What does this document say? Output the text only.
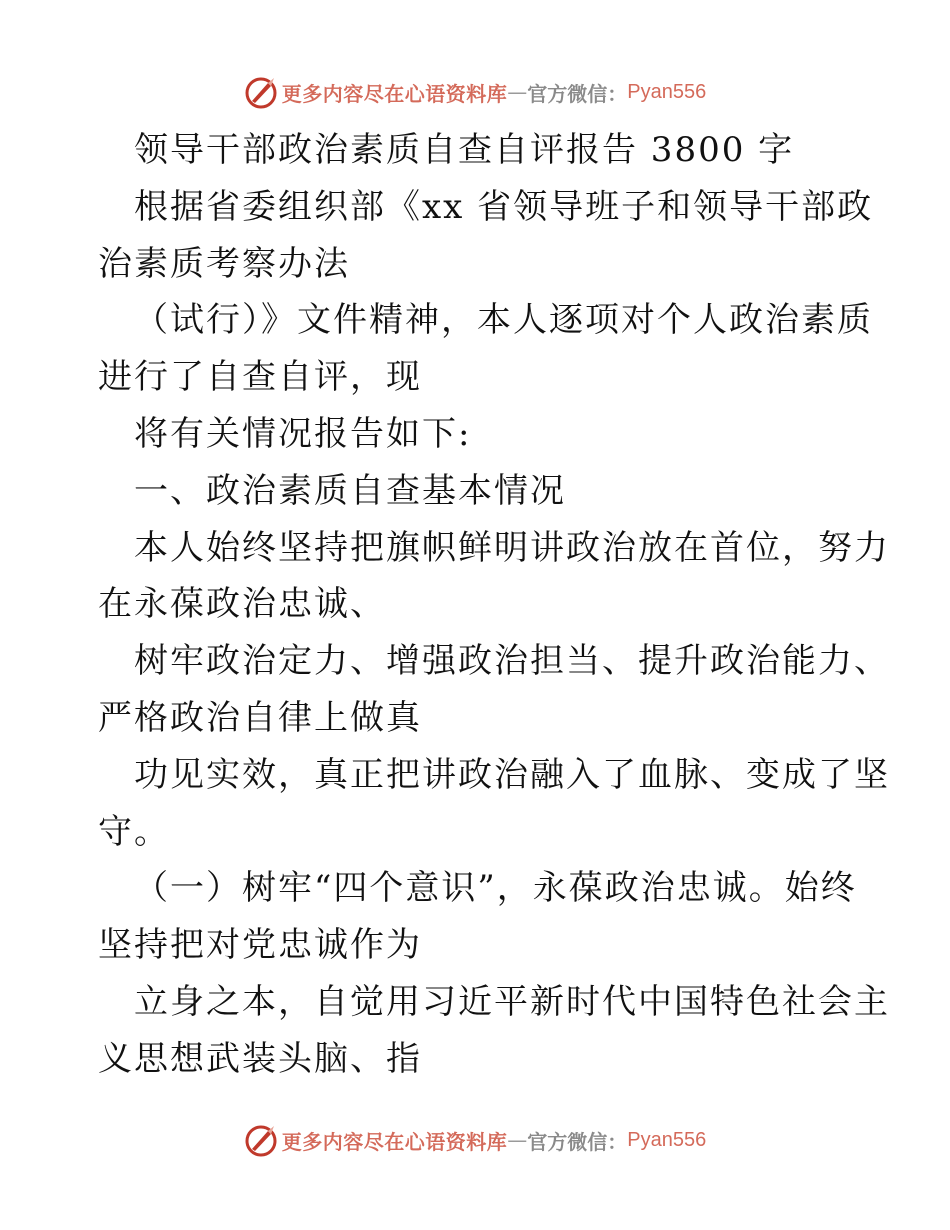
更多内容尽在心语资料库 — 官方微信： Pyan556
领导干部政治素质自查自评报告 3800 字
根据省委组织部《xx 省领导班子和领导干部政
治素质考察办法
（试行）》文件精神，本人逐项对个人政治素质
进行了自查自评，现
将有关情况报告如下:
一、政治素质自查基本情况
本人始终坚持把旗帜鲜明讲政治放在首位，努力
在永葆政治忠诚、
树牢政治定力、增强政治担当、提升政治能力、
严格政治自律上做真
功见实效，真正把讲政治融入了血脉、变成了坚
守。
（一）树牢“四个意识”，永葆政治忠诚。始终
坚持把对党忠诚作为
立身之本，自觉用习近平新时代中国特色社会主
义思想武装头脑、指
更多内容尽在心语资料库 — 官方微信： Pyan556
